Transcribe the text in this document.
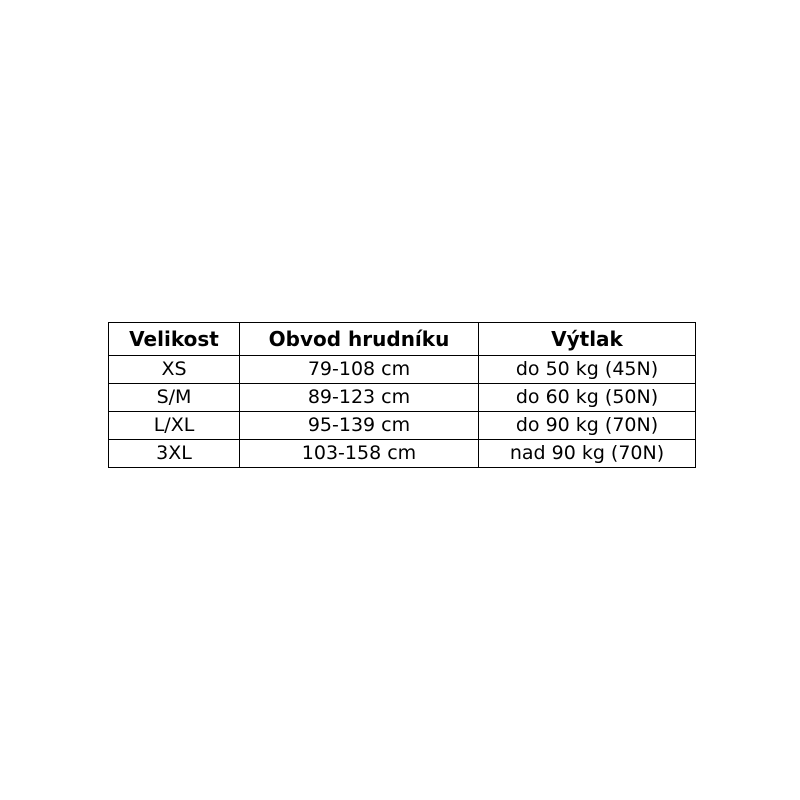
Velikost	Obvod hrudníku	Výtlak
XS	79-108 cm	do 50 kg (45N)
S/M	89-123 cm	do 60 kg (50N)
L/XL	95-139 cm	do 90 kg (70N)
3XL	103-158 cm	nad 90 kg (70N)
